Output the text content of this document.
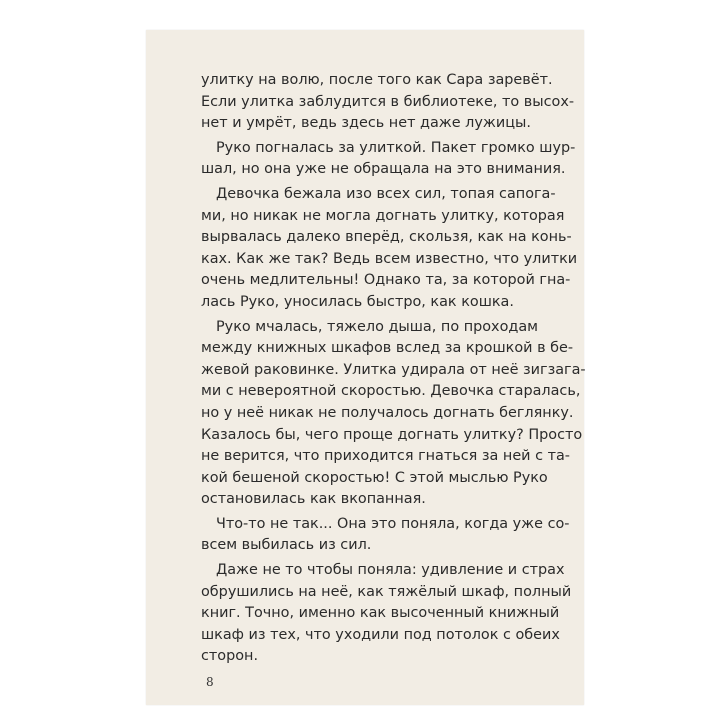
улитку на волю, после того как Сара заревёт.
Если улитка заблудится в библиотеке, то высох-
нет и умрёт, ведь здесь нет даже лужицы.
Руко погналась за улиткой. Пакет громко шур-
шал, но она уже не обращала на это внимания.
Девочка бежала изо всех сил, топая сапога-
ми, но никак не могла догнать улитку, которая
вырвалась далеко вперёд, скользя, как на конь-
ках. Как же так? Ведь всем известно, что улитки
очень медлительны! Однако та, за которой гна-
лась Руко, уносилась быстро, как кошка.
Руко мчалась, тяжело дыша, по проходам
между книжных шкафов вслед за крошкой в бе-
жевой раковинке. Улитка удирала от неё зигзага-
ми с невероятной скоростью. Девочка старалась,
но у неё никак не получалось догнать беглянку.
Казалось бы, чего проще догнать улитку? Просто
не верится, что приходится гнаться за ней с та-
кой бешеной скоростью! С этой мыслью Руко
остановилась как вкопанная.
Что-то не так... Она это поняла, когда уже со-
всем выбилась из сил.
Даже не то чтобы поняла: удивление и страх
обрушились на неё, как тяжёлый шкаф, полный
книг. Точно, именно как высоченный книжный
шкаф из тех, что уходили под потолок с обеих
сторон.
8
